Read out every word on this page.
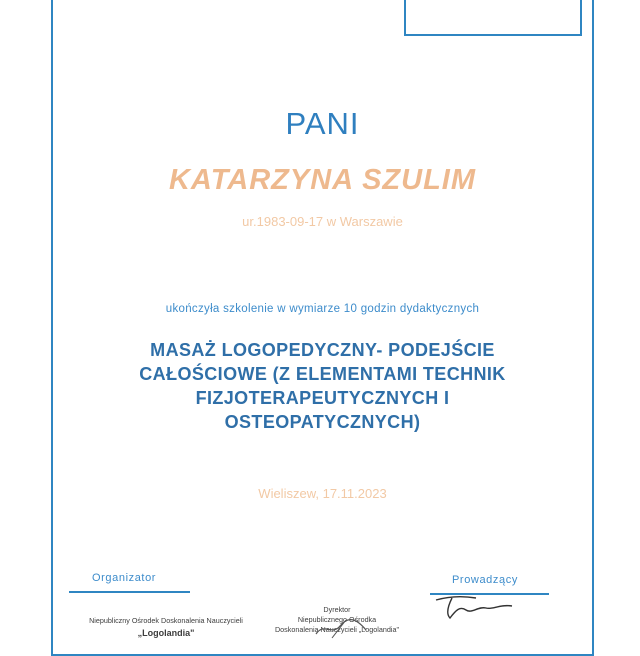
PANI
KATARZYNA SZULIM
ur.1983-09-17 w Warszawie
ukończyła szkolenie w wymiarze 10 godzin dydaktycznych
MASAŻ LOGOPEDYCZNY- PODEJŚCIE
CAŁOŚCIOWE (Z ELEMENTAMI TECHNIK
FIZJOTERAPEUTYCZNYCH I
OSTEOPATYCZNYCH)
Wieliszew, 17.11.2023
Organizator	Prowadzący
Niepubliczny Ośrodek Doskonalenia Nauczycieli
„Logolandia"
Dyrektor
Niepublicznego Ośrodka
Doskonalenia Nauczycieli „Logolandia"
